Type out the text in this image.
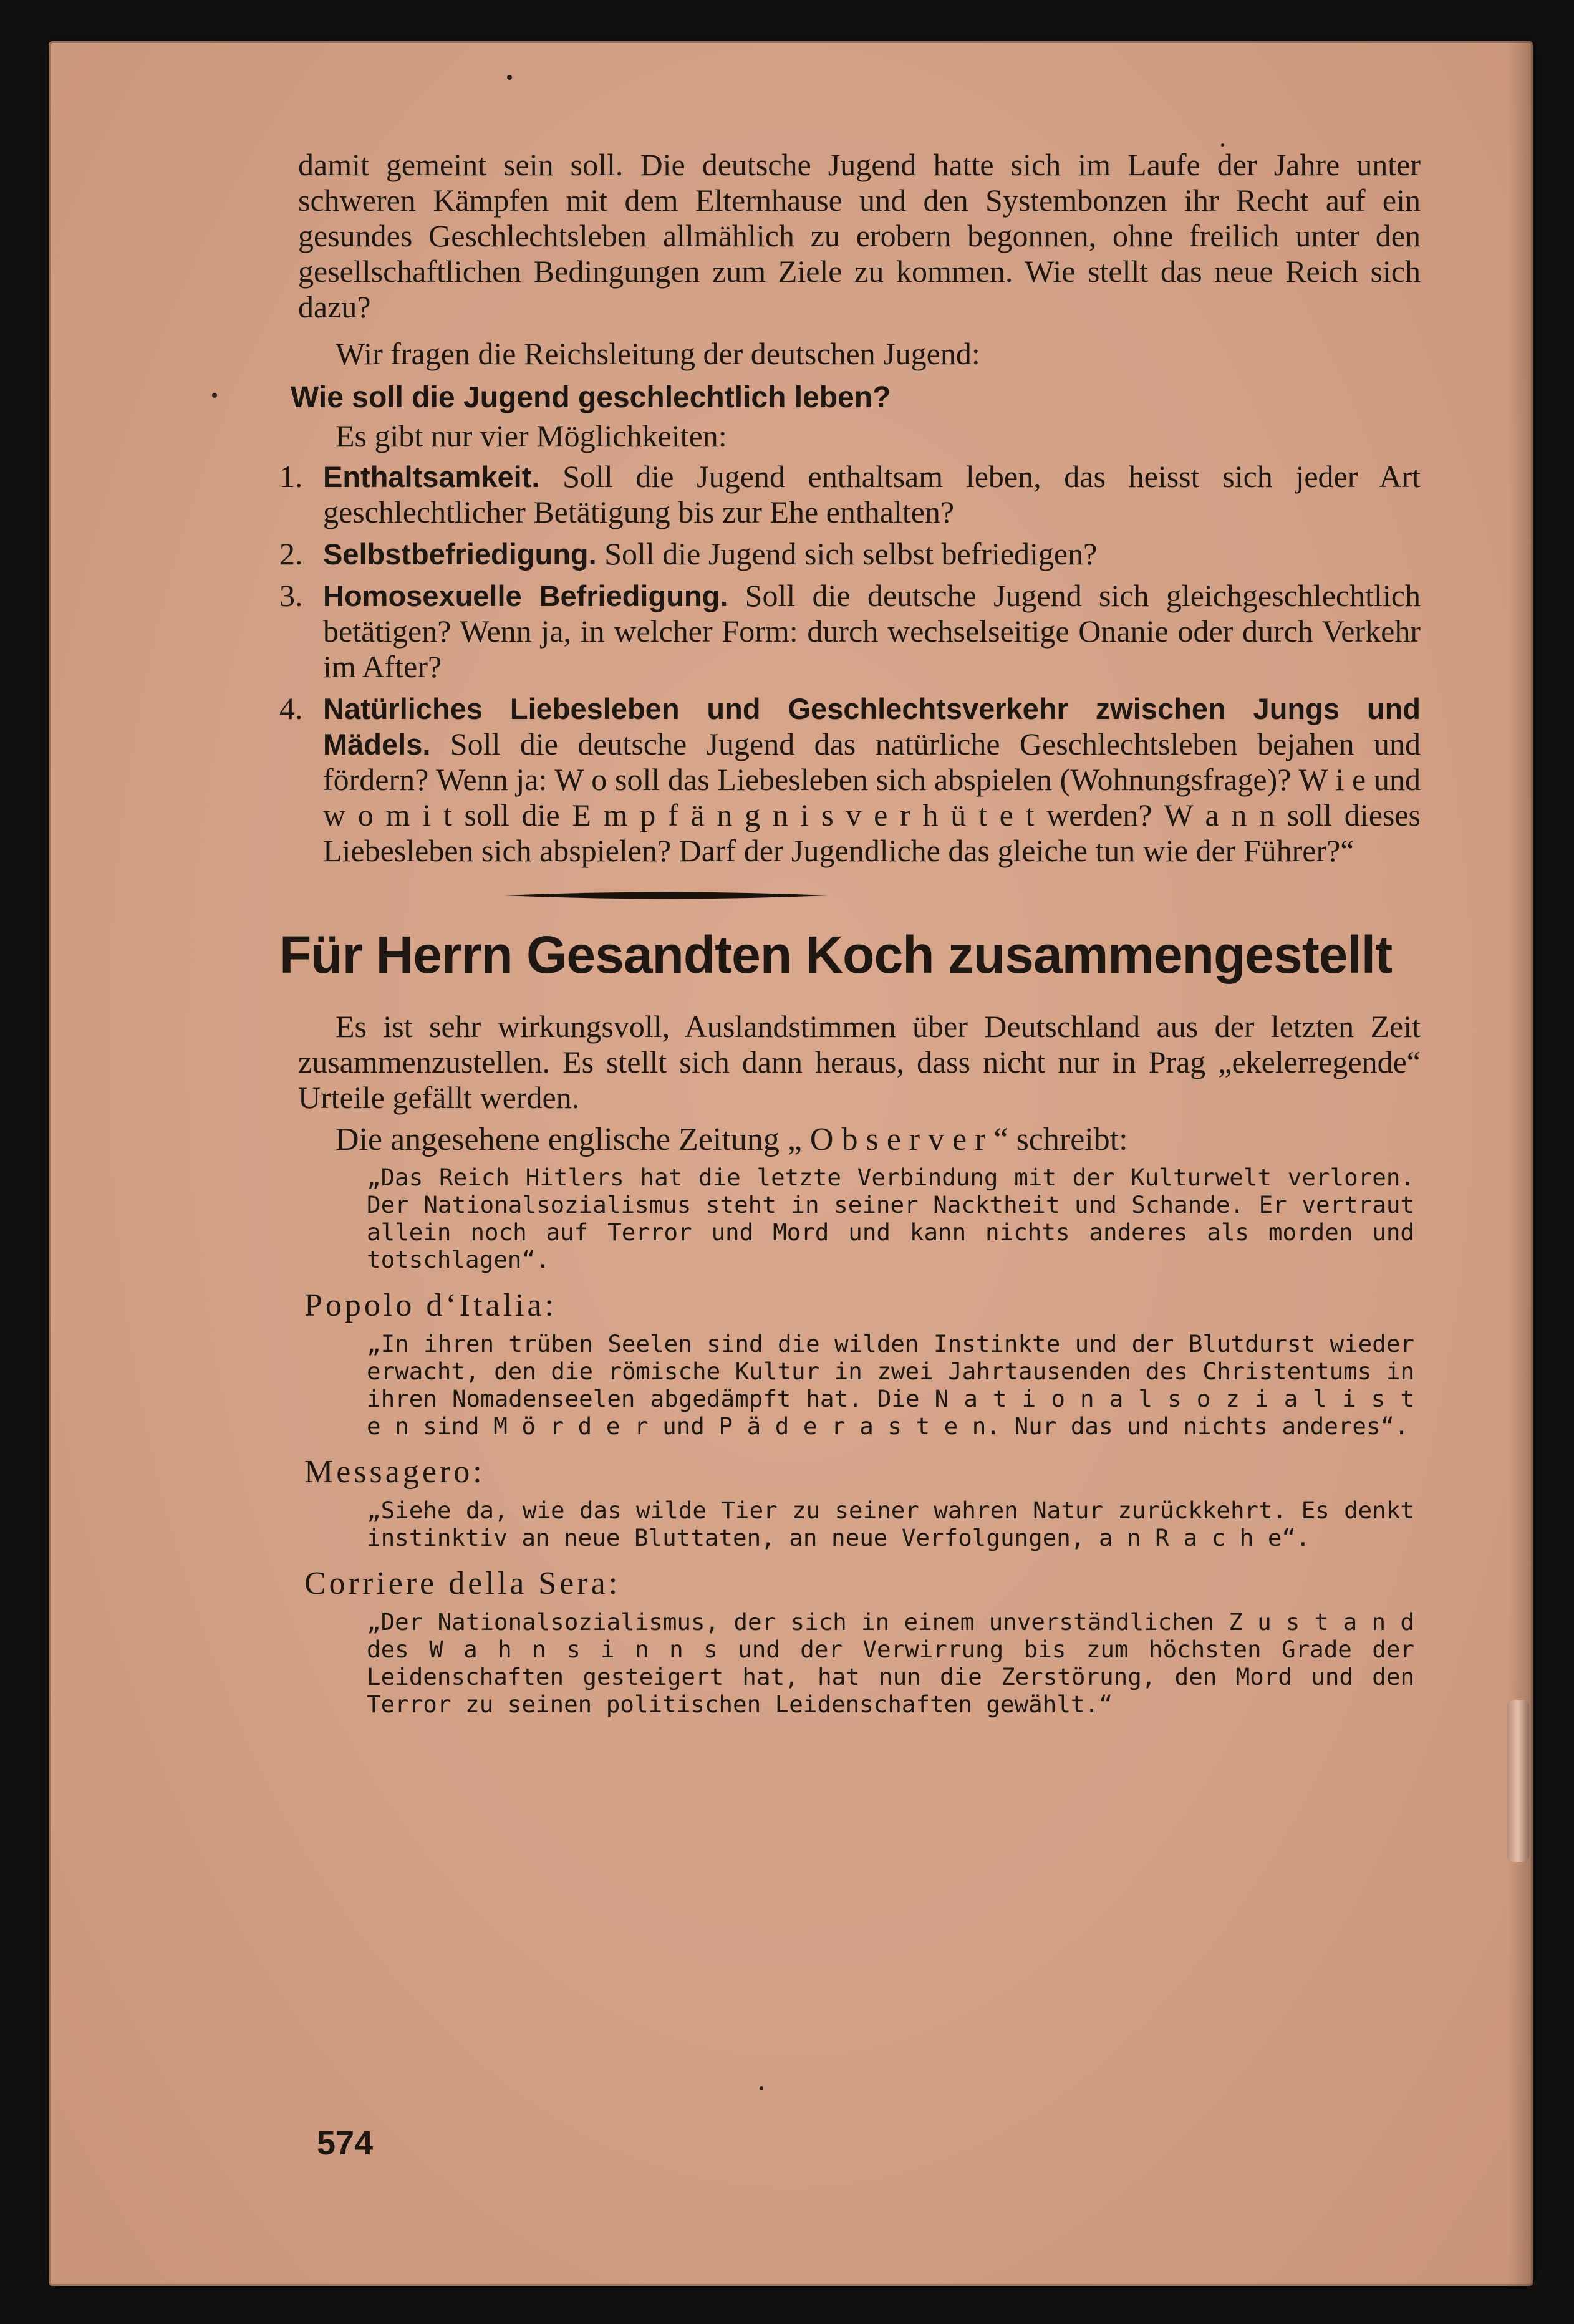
damit gemeint sein soll. Die deutsche Jugend hatte sich im Laufe der Jahre unter schweren Kämpfen mit dem Elternhause und den Systembonzen ihr Recht auf ein gesundes Geschlechtsleben allmählich zu erobern begonnen, ohne freilich unter den gesellschaftlichen Bedingungen zum Ziele zu kommen. Wie stellt das neue Reich sich dazu?

Wir fragen die Reichsleitung der deutschen Jugend:

Wie soll die Jugend geschlechtlich leben?

Es gibt nur vier Möglichkeiten:

1. Enthaltsamkeit. Soll die Jugend enthaltsam leben, das heisst sich jeder Art geschlechtlicher Betätigung bis zur Ehe enthalten?
2. Selbstbefriedigung. Soll die Jugend sich selbst befriedigen?
3. Homosexuelle Befriedigung. Soll die deutsche Jugend sich gleichgeschlechtlich betätigen? Wenn ja, in welcher Form: durch wechselseitige Onanie oder durch Verkehr im After?
4. Natürliches Liebesleben und Geschlechtsverkehr zwischen Jungs und Mädels. Soll die deutsche Jugend das natürliche Geschlechtsleben bejahen und fördern? Wenn ja: W o soll das Liebesleben sich abspielen (Wohnungsfrage)? W i e und w o m i t soll die E m p f ä n g n i s v e r h ü t e t werden? W a n n soll dieses Liebesleben sich abspielen? Darf der Jugendliche das gleiche tun wie der Führer?“
Für Herrn Gesandten Koch zusammengestellt

Es ist sehr wirkungsvoll, Auslandstimmen über Deutschland aus der letzten Zeit zusammenzustellen. Es stellt sich dann heraus, dass nicht nur in Prag „ekelerregende“ Urteile gefällt werden.

Die angesehene englische Zeitung „ O b s e r v e r “ schreibt:

„Das Reich Hitlers hat die letzte Verbindung mit der Kulturwelt verloren. Der Nationalsozialismus steht in seiner Nacktheit und Schande. Er vertraut allein noch auf Terror und Mord und kann nichts anderes als morden und totschlagen“.

Popolo d‘Italia:

„In ihren trüben Seelen sind die wilden Instinkte und der Blutdurst wieder erwacht, den die römische Kultur in zwei Jahrtausenden des Christentums in ihren Nomadenseelen abgedämpft hat. Die N a t i o n a l s o z i a l i s t e n sind M ö r d e r und P ä d e r a s t e n. Nur das und nichts anderes“.

Messagero:

„Siehe da, wie das wilde Tier zu seiner wahren Natur zurückkehrt. Es denkt instinktiv an neue Bluttaten, an neue Verfolgungen, a n R a c h e“.

Corriere della Sera:

„Der Nationalsozialismus, der sich in einem unverständlichen Z u s t a n d des W a h n s i n n s und der Verwirrung bis zum höchsten Grade der Leidenschaften gesteigert hat, hat nun die Zerstörung, den Mord und den Terror zu seinen politischen Leidenschaften gewählt.“

574
